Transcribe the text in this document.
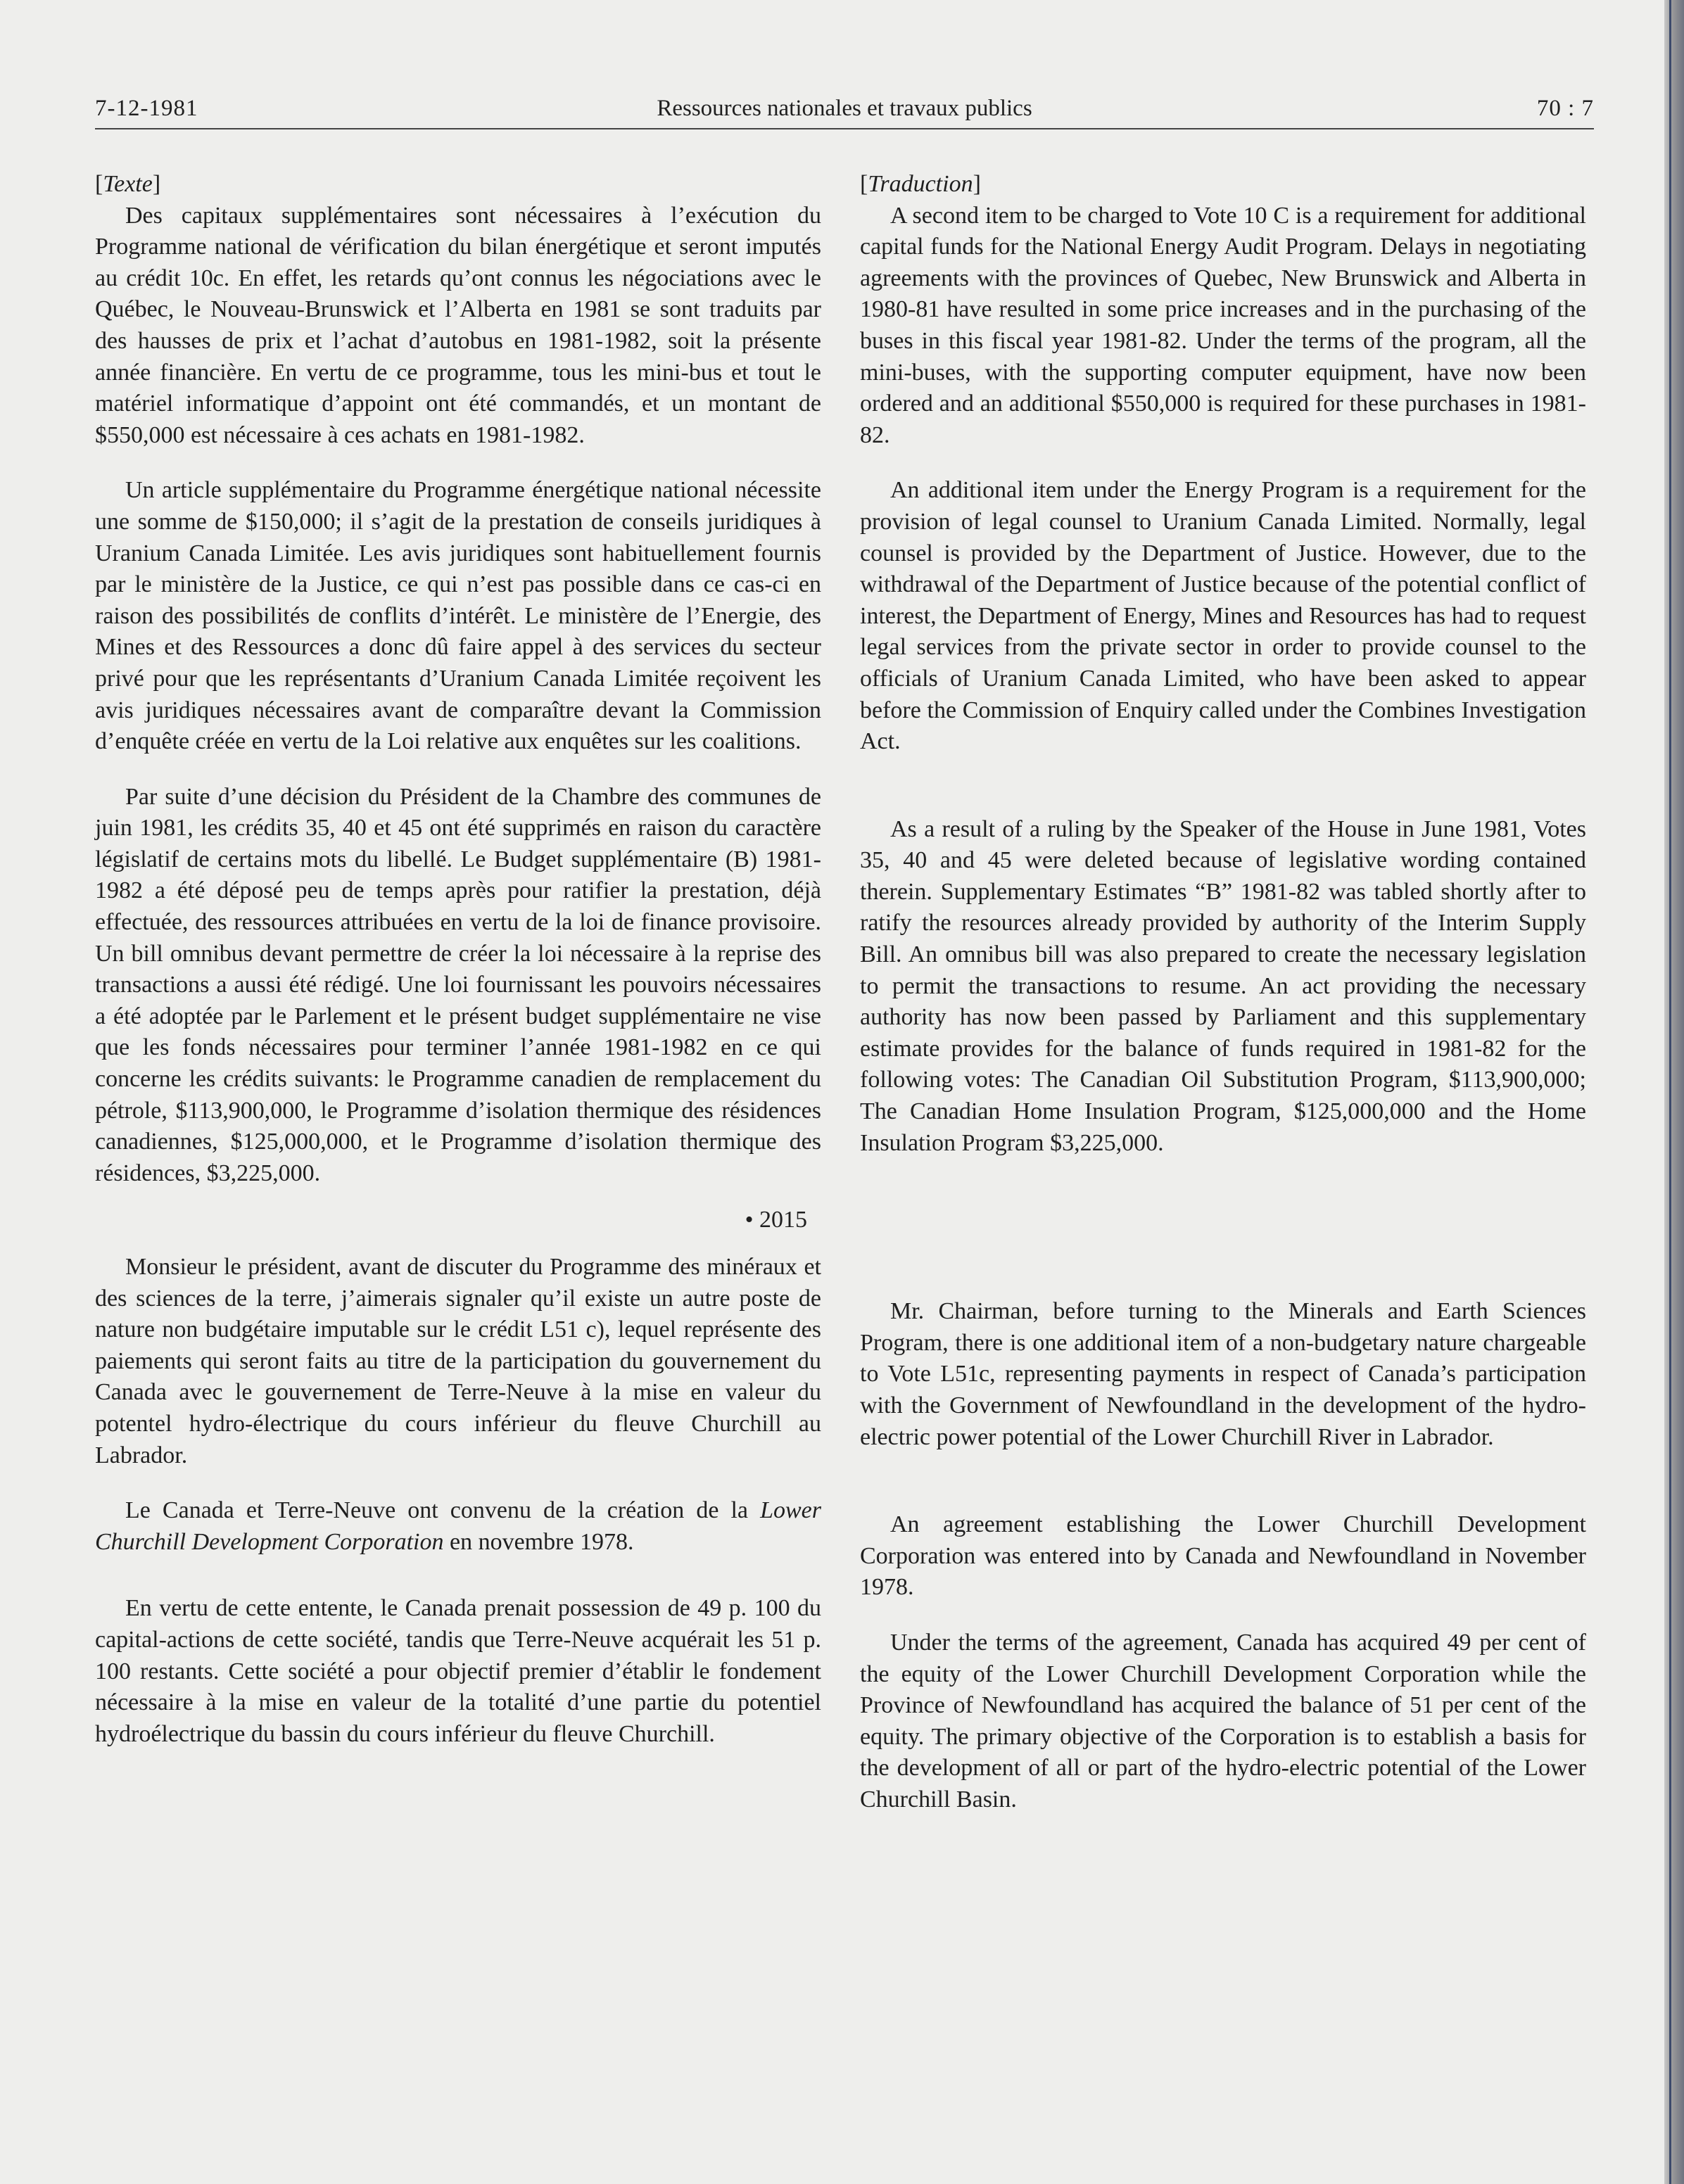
7-12-1981	Ressources nationales et travaux publics	70 : 7

[Texte]

Des capitaux supplémentaires sont nécessaires à l’exécution du Programme national de vérification du bilan énergétique et seront imputés au crédit 10c. En effet, les retards qu’ont connus les négociations avec le Québec, le Nouveau-Brunswick et l’Alberta en 1981 se sont traduits par des hausses de prix et l’achat d’autobus en 1981-1982, soit la présente année financière. En vertu de ce programme, tous les mini-bus et tout le matériel informatique d’appoint ont été commandés, et un montant de $550,000 est nécessaire à ces achats en 1981-1982.

Un article supplémentaire du Programme énergétique national nécessite une somme de $150,000; il s’agit de la prestation de conseils juridiques à Uranium Canada Limitée. Les avis juridiques sont habituellement fournis par le ministère de la Justice, ce qui n’est pas possible dans ce cas-ci en raison des possibilités de conflits d’intérêt. Le ministère de l’Energie, des Mines et des Ressources a donc dû faire appel à des services du secteur privé pour que les représentants d’Uranium Canada Limitée reçoivent les avis juridiques nécessaires avant de comparaître devant la Commission d’enquête créée en vertu de la Loi relative aux enquêtes sur les coalitions.

Par suite d’une décision du Président de la Chambre des communes de juin 1981, les crédits 35, 40 et 45 ont été supprimés en raison du caractère législatif de certains mots du libellé. Le Budget supplémentaire (B) 1981-1982 a été déposé peu de temps après pour ratifier la prestation, déjà effectuée, des ressources attribuées en vertu de la loi de finance provisoire. Un bill omnibus devant permettre de créer la loi nécessaire à la reprise des transactions a aussi été rédigé. Une loi fournissant les pouvoirs nécessaires a été adoptée par le Parlement et le présent budget supplémentaire ne vise que les fonds nécessaires pour terminer l’année 1981-1982 en ce qui concerne les crédits suivants: le Programme canadien de remplacement du pétrole, $113,900,000, le Programme d’isolation thermique des résidences canadiennes, $125,000,000, et le Programme d’isolation thermique des résidences, $3,225,000.

• 2015

Monsieur le président, avant de discuter du Programme des minéraux et des sciences de la terre, j’aimerais signaler qu’il existe un autre poste de nature non budgétaire imputable sur le crédit L51 c), lequel représente des paiements qui seront faits au titre de la participation du gouvernement du Canada avec le gouvernement de Terre-Neuve à la mise en valeur du potentel hydro-électrique du cours inférieur du fleuve Churchill au Labrador.

Le Canada et Terre-Neuve ont convenu de la création de la Lower Churchill Development Corporation en novembre 1978.

En vertu de cette entente, le Canada prenait possession de 49 p. 100 du capital-actions de cette société, tandis que Terre-Neuve acquérait les 51 p. 100 restants. Cette société a pour objectif premier d’établir le fondement nécessaire à la mise en valeur de la totalité d’une partie du potentiel hydroélectrique du bassin du cours inférieur du fleuve Churchill.

[Traduction]

A second item to be charged to Vote 10 C is a requirement for additional capital funds for the National Energy Audit Program. Delays in negotiating agreements with the provinces of Quebec, New Brunswick and Alberta in 1980-81 have resulted in some price increases and in the purchasing of the buses in this fiscal year 1981-82. Under the terms of the program, all the mini-buses, with the supporting computer equipment, have now been ordered and an additional $550,000 is required for these purchases in 1981-82.

An additional item under the Energy Program is a requirement for the provision of legal counsel to Uranium Canada Limited. Normally, legal counsel is provided by the Department of Justice. However, due to the withdrawal of the Department of Justice because of the potential conflict of interest, the Department of Energy, Mines and Resources has had to request legal services from the private sector in order to provide counsel to the officials of Uranium Canada Limited, who have been asked to appear before the Commission of Enquiry called under the Combines Investigation Act.

As a result of a ruling by the Speaker of the House in June 1981, Votes 35, 40 and 45 were deleted because of legislative wording contained therein. Supplementary Estimates “B” 1981-82 was tabled shortly after to ratify the resources already provided by authority of the Interim Supply Bill. An omnibus bill was also prepared to create the necessary legislation to permit the transactions to resume. An act providing the necessary authority has now been passed by Parliament and this supplementary estimate provides for the balance of funds required in 1981-82 for the following votes: The Canadian Oil Substitution Program, $113,900,000; The Canadian Home Insulation Program, $125,000,000 and the Home Insulation Program $3,225,000.

Mr. Chairman, before turning to the Minerals and Earth Sciences Program, there is one additional item of a non-budgetary nature chargeable to Vote L51c, representing payments in respect of Canada’s participation with the Government of Newfoundland in the development of the hydro-electric power potential of the Lower Churchill River in Labrador.

An agreement establishing the Lower Churchill Development Corporation was entered into by Canada and Newfoundland in November 1978.

Under the terms of the agreement, Canada has acquired 49 per cent of the equity of the Lower Churchill Development Corporation while the Province of Newfoundland has acquired the balance of 51 per cent of the equity. The primary objective of the Corporation is to establish a basis for the development of all or part of the hydro-electric potential of the Lower Churchill Basin.
